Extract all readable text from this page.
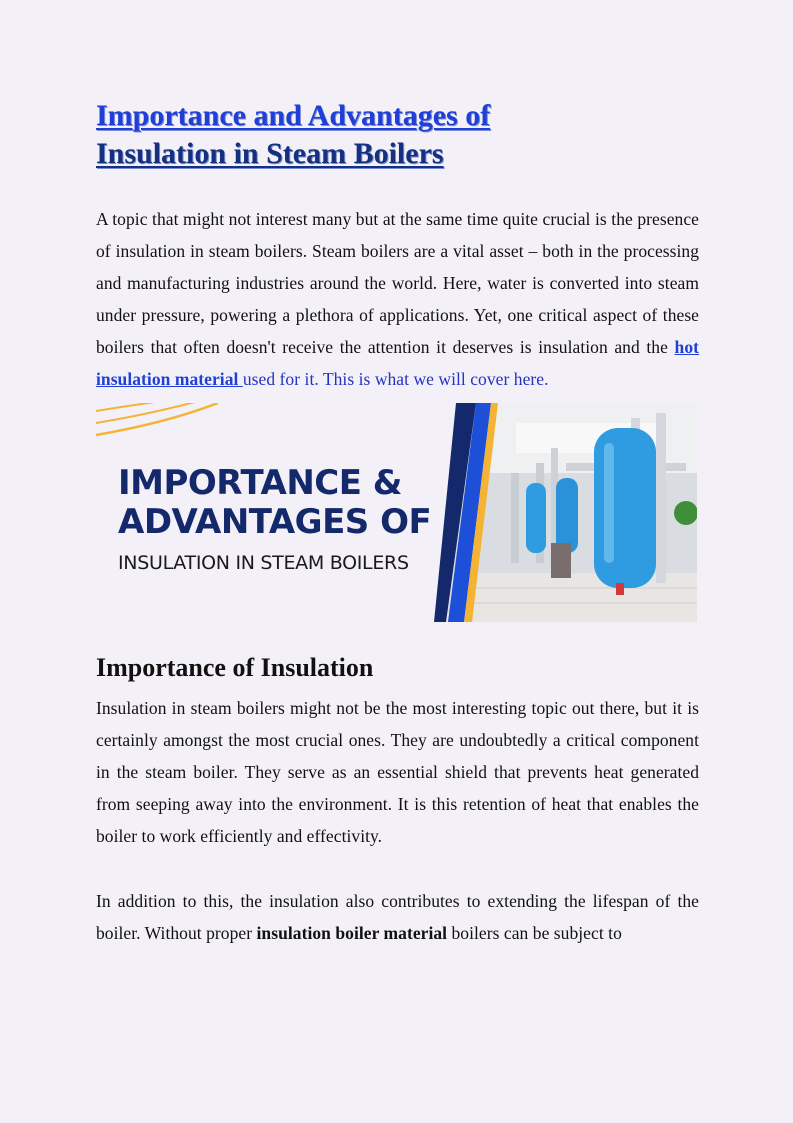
Importance and Advantages of
Insulation in Steam Boilers

A topic that might not interest many but at the same time quite crucial is the presence of insulation in steam boilers. Steam boilers are a vital asset – both in the processing and manufacturing industries around the world. Here, water is converted into steam under pressure, powering a plethora of applications. Yet, one critical aspect of these boilers that often doesn't receive the attention it deserves is insulation and the hot insulation material used for it. This is what we will cover here.

IMPORTANCE &
ADVANTAGES OF
INSULATION IN STEAM BOILERS
Importance of Insulation

Insulation in steam boilers might not be the most interesting topic out there, but it is certainly amongst the most crucial ones. They are undoubtedly a critical component in the steam boiler. They serve as an essential shield that prevents heat generated from seeping away into the environment. It is this retention of heat that enables the boiler to work efficiently and effectivity.

In addition to this, the insulation also contributes to extending the lifespan of the boiler. Without proper insulation boiler material boilers can be subject to
